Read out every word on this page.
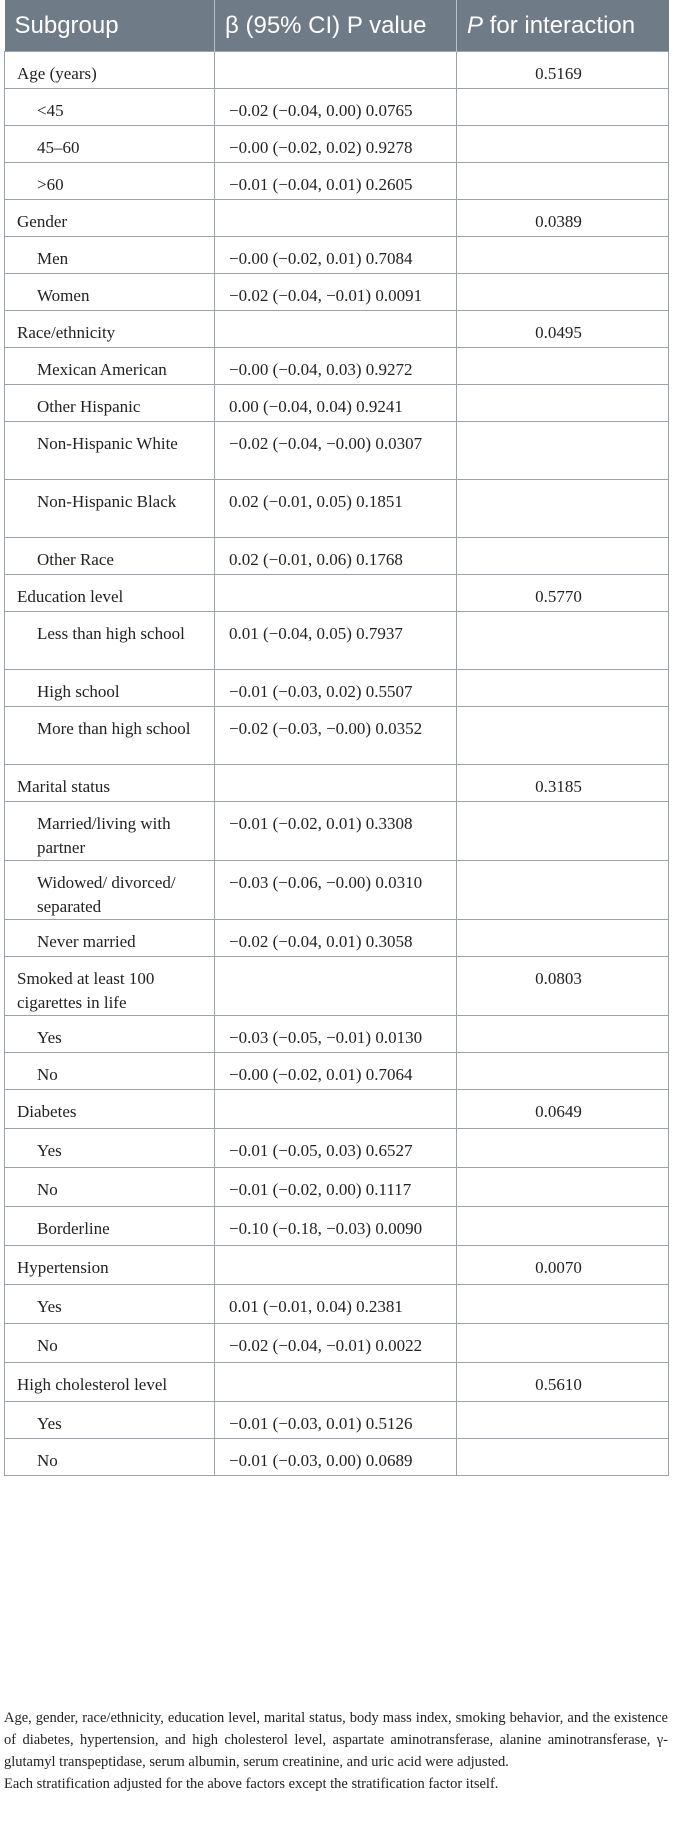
Subgroup	β (95% CI) P value	P for interaction
Age (years)		0.5169
<45	−0.02 (−0.04, 0.00) 0.0765	
45–60	−0.00 (−0.02, 0.02) 0.9278	
>60	−0.01 (−0.04, 0.01) 0.2605	
Gender		0.0389
Men	−0.00 (−0.02, 0.01) 0.7084	
Women	−0.02 (−0.04, −0.01) 0.0091	
Race/ethnicity		0.0495
Mexican American	−0.00 (−0.04, 0.03) 0.9272	
Other Hispanic	0.00 (−0.04, 0.04) 0.9241	
Non-Hispanic White	−0.02 (−0.04, −0.00) 0.0307	
Non-Hispanic Black	0.02 (−0.01, 0.05) 0.1851	
Other Race	0.02 (−0.01, 0.06) 0.1768	
Education level		0.5770
Less than high school	0.01 (−0.04, 0.05) 0.7937	
High school	−0.01 (−0.03, 0.02) 0.5507	
More than high school	−0.02 (−0.03, −0.00) 0.0352	
Marital status		0.3185
Married/living with partner	−0.01 (−0.02, 0.01) 0.3308	
Widowed/ divorced/ separated	−0.03 (−0.06, −0.00) 0.0310	
Never married	−0.02 (−0.04, 0.01) 0.3058	
Smoked at least 100 cigarettes in life		0.0803
Yes	−0.03 (−0.05, −0.01) 0.0130	
No	−0.00 (−0.02, 0.01) 0.7064	
Diabetes		0.0649
Yes	−0.01 (−0.05, 0.03) 0.6527	
No	−0.01 (−0.02, 0.00) 0.1117	
Borderline	−0.10 (−0.18, −0.03) 0.0090	
Hypertension		0.0070
Yes	0.01 (−0.01, 0.04) 0.2381	
No	−0.02 (−0.04, −0.01) 0.0022	
High cholesterol level		0.5610
Yes	−0.01 (−0.03, 0.01) 0.5126	
No	−0.01 (−0.03, 0.00) 0.0689	

Age, gender, race/ethnicity, education level, marital status, body mass index, smoking behavior, and the existence of diabetes, hypertension, and high cholesterol level, aspartate aminotransferase, alanine aminotransferase, γ- glutamyl transpeptidase, serum albumin, serum creatinine, and uric acid were adjusted.

Each stratification adjusted for the above factors except the stratification factor itself.
